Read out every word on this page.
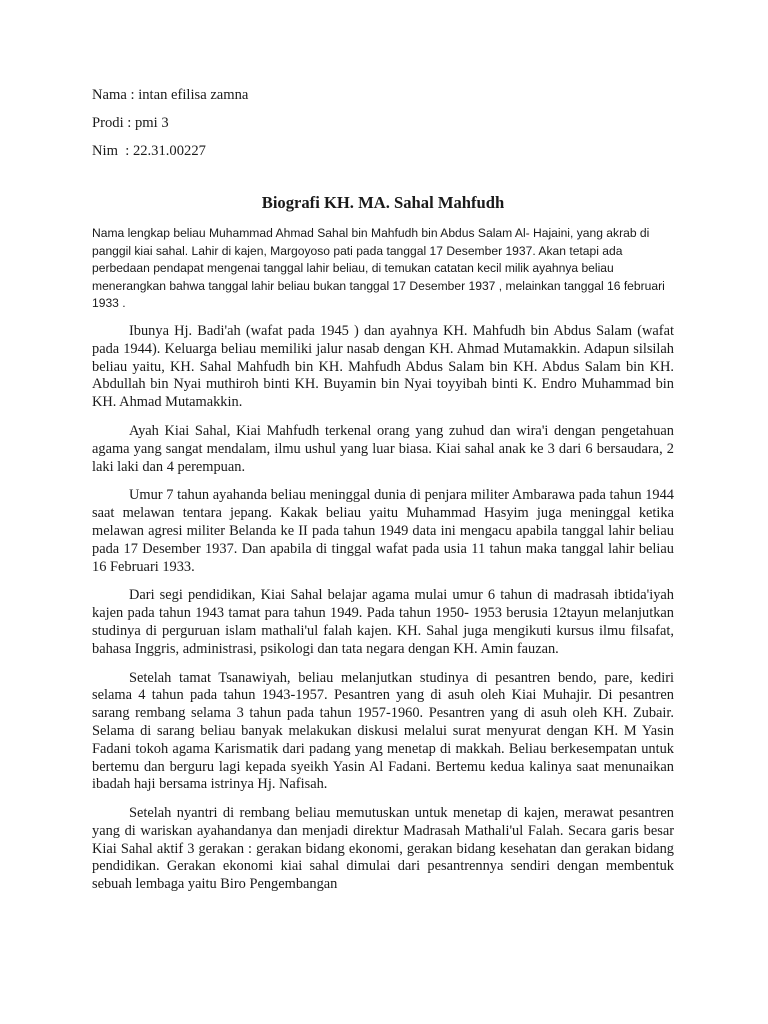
Nama : intan efilisa zamna
Prodi : pmi 3
Nim  : 22.31.00227
Biografi KH. MA. Sahal Mahfudh

Nama lengkap beliau Muhammad Ahmad Sahal bin Mahfudh bin Abdus Salam Al- Hajaini, yang akrab di panggil kiai sahal. Lahir di kajen, Margoyoso pati pada tanggal 17 Desember 1937. Akan tetapi ada perbedaan pendapat mengenai tanggal lahir beliau, di temukan catatan kecil milik ayahnya beliau menerangkan bahwa tanggal lahir beliau bukan tanggal 17 Desember 1937 , melainkan tanggal 16 februari 1933 .

Ibunya Hj. Badi'ah (wafat pada 1945 ) dan ayahnya KH. Mahfudh bin Abdus Salam (wafat pada 1944). Keluarga beliau memiliki jalur nasab dengan KH. Ahmad Mutamakkin. Adapun silsilah beliau yaitu, KH. Sahal Mahfudh bin KH. Mahfudh Abdus Salam bin KH. Abdus Salam bin KH. Abdullah bin Nyai muthiroh binti KH. Buyamin bin Nyai toyyibah binti K. Endro Muhammad bin KH. Ahmad Mutamakkin.

Ayah Kiai Sahal, Kiai Mahfudh terkenal orang yang zuhud dan wira'i dengan pengetahuan agama yang sangat mendalam, ilmu ushul yang luar biasa. Kiai sahal anak ke 3 dari 6 bersaudara, 2 laki laki dan 4 perempuan.

Umur 7 tahun ayahanda beliau meninggal dunia di penjara militer Ambarawa pada tahun 1944 saat melawan tentara jepang. Kakak beliau yaitu Muhammad Hasyim juga meninggal ketika melawan agresi militer Belanda ke II pada tahun 1949 data ini mengacu apabila tanggal lahir beliau pada 17 Desember 1937. Dan apabila di tinggal wafat pada usia 11 tahun maka tanggal lahir beliau 16 Februari 1933.

Dari segi pendidikan, Kiai Sahal belajar agama mulai umur 6 tahun di madrasah ibtida'iyah kajen pada tahun 1943 tamat para tahun 1949. Pada tahun 1950- 1953 berusia 12tayun melanjutkan studinya di perguruan islam mathali'ul falah kajen. KH. Sahal juga mengikuti kursus ilmu filsafat, bahasa Inggris, administrasi, psikologi dan tata negara dengan KH. Amin fauzan.

Setelah tamat Tsanawiyah, beliau melanjutkan studinya di pesantren bendo, pare, kediri selama 4 tahun pada tahun 1943-1957. Pesantren yang di asuh oleh Kiai Muhajir. Di pesantren sarang rembang selama 3 tahun pada tahun 1957-1960. Pesantren yang di asuh oleh KH. Zubair. Selama di sarang beliau banyak melakukan diskusi melalui surat menyurat dengan KH. M Yasin Fadani tokoh agama Karismatik dari padang yang menetap di makkah. Beliau berkesempatan untuk bertemu dan berguru lagi kepada syeikh Yasin Al Fadani. Bertemu kedua kalinya saat menunaikan ibadah haji bersama istrinya Hj. Nafisah.

Setelah nyantri di rembang beliau memutuskan untuk menetap di kajen, merawat pesantren yang di wariskan ayahandanya dan menjadi direktur Madrasah Mathali'ul Falah. Secara garis besar Kiai Sahal aktif 3 gerakan : gerakan bidang ekonomi, gerakan bidang kesehatan dan gerakan bidang pendidikan. Gerakan ekonomi kiai sahal dimulai dari pesantrennya sendiri dengan membentuk sebuah lembaga yaitu Biro Pengembangan
